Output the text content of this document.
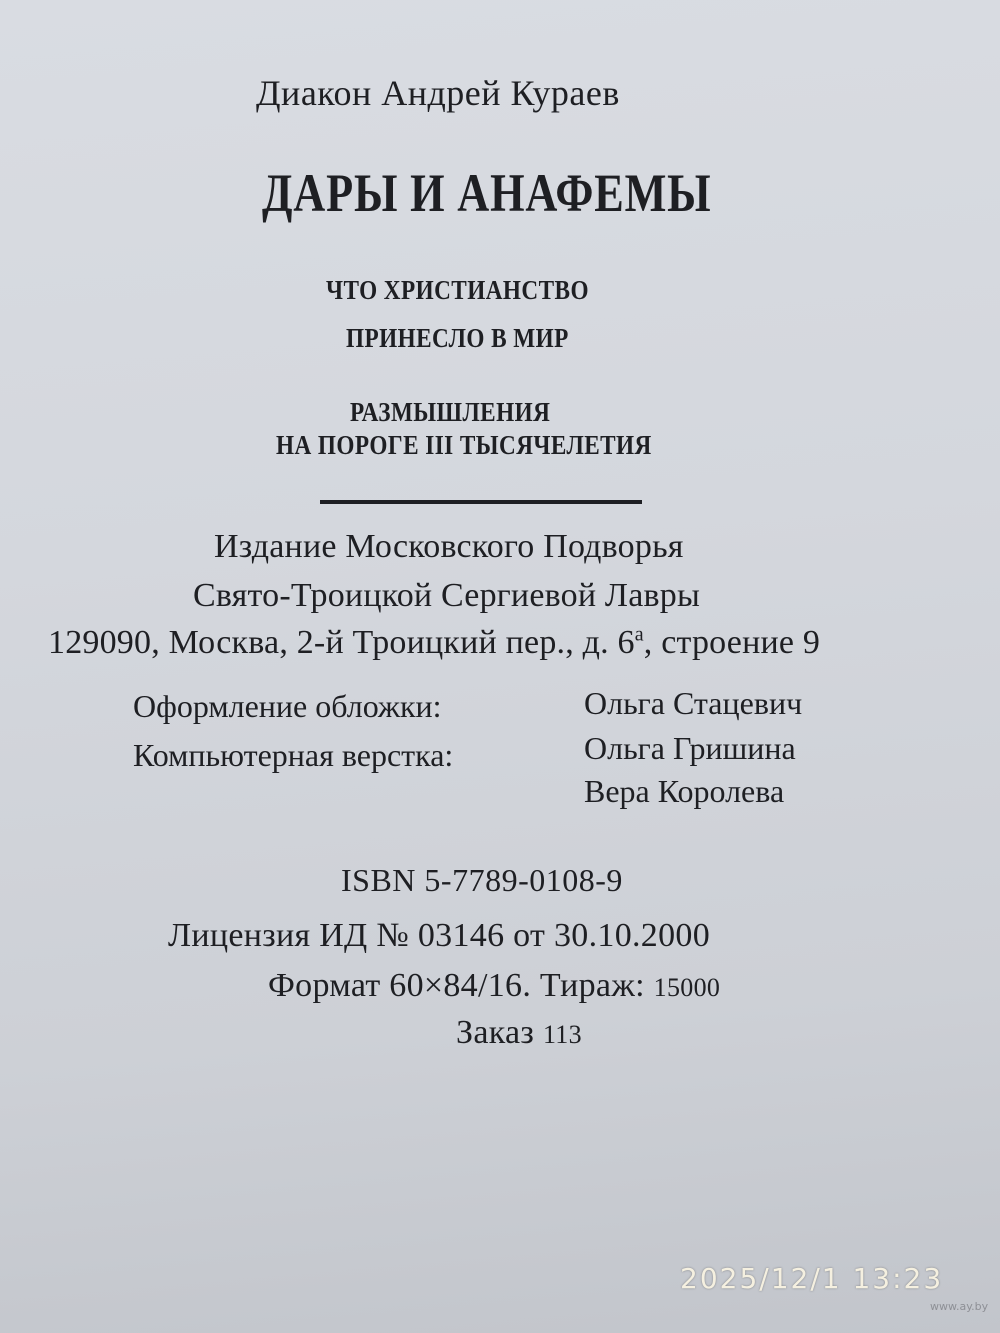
Диакон Андрей Кураев
ДАРЫ И АНАФЕМЫ
ЧТО ХРИСТИАНСТВО
ПРИНЕСЛО В МИР
РАЗМЫШЛЕНИЯ
НА ПОРОГЕ III ТЫСЯЧЕЛЕТИЯ
Издание Московского Подворья
Свято-Троицкой Сергиевой Лавры
129090, Москва, 2-й Троицкий пер., д. $6^а$, строение 9
Оформление обложки:	Ольга Стацевич
Компьютерная верстка:	Ольга Гришина
Вера Королева
ISBN 5-7789-0108-9
Лицензия ИД № 03146 от 30.10.2000
Формат 60×84/16. Тираж: 15000
Заказ 113
2025/12/1 13:23
www.ay.by
